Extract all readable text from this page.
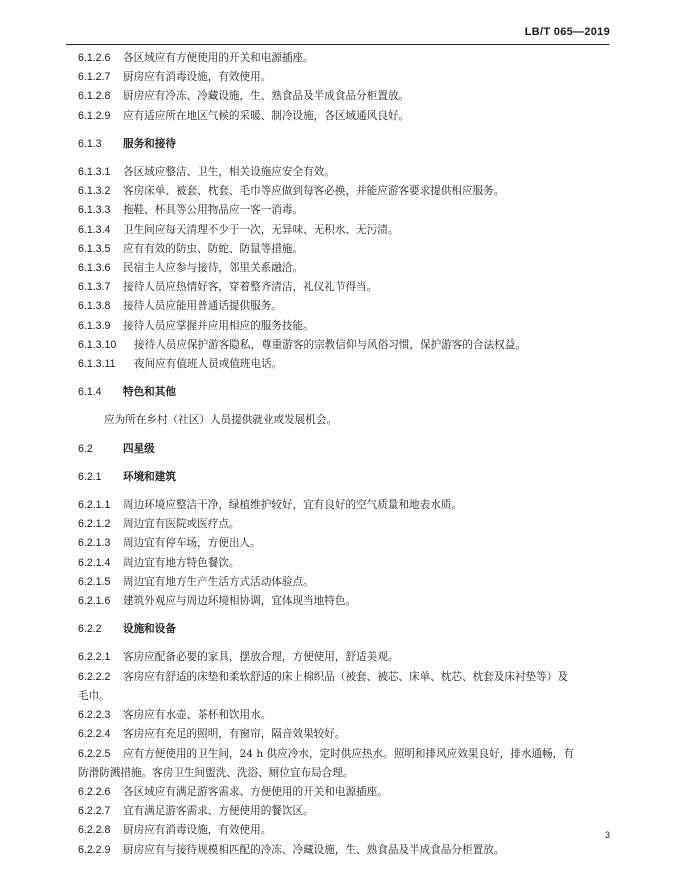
LB/T 065—2019

6.1.2.6 各区域应有方便使用的开关和电源插座。

6.1.2.7 厨房应有消毒设施，有效使用。

6.1.2.8 厨房应有冷冻、冷藏设施，生、熟食品及半成食品分柜置放。

6.1.2.9 应有适应所在地区气候的采暖、制冷设施，各区域通风良好。

6.1.3 服务和接待

6.1.3.1 各区域应整洁、卫生，相关设施应安全有效。

6.1.3.2 客房床单、被套、枕套、毛巾等应做到每客必换，并能应游客要求提供相应服务。

6.1.3.3 拖鞋、杯具等公用物品应一客一消毒。

6.1.3.4 卫生间应每天清理不少于一次，无异味、无积水、无污渍。

6.1.3.5 应有有效的防虫、防蛇、防鼠等措施。

6.1.3.6 民宿主人应参与接待，邻里关系融洽。

6.1.3.7 接待人员应热情好客，穿着整齐清洁，礼仪礼节得当。

6.1.3.8 接待人员应能用普通话提供服务。

6.1.3.9 接待人员应掌握并应用相应的服务技能。

6.1.3.10 接待人员应保护游客隐私，尊重游客的宗教信仰与风俗习惯，保护游客的合法权益。

6.1.3.11 夜间应有值班人员或值班电话。

6.1.4 特色和其他

应为所在乡村（社区）人员提供就业或发展机会。

6.2	四星级

6.2.1 环境和建筑

6.2.1.1 周边环境应整洁干净，绿植维护较好，宜有良好的空气质量和地表水质。

6.2.1.2 周边宜有医院或医疗点。

6.2.1.3 周边宜有停车场，方便出人。

6.2.1.4 周边宜有地方特色餐饮。

6.2.1.5 周边宜有地方生产生活方式活动体验点。

6.2.1.6 建筑外观应与周边环境相协调，宜体现当地特色。

6.2.2 设施和设备

6.2.2.1 客房应配备必要的家具，摆放合理，方便使用，舒适美观。

6.2.2.2 客房应有舒适的床垫和柔软舒适的床上棉织品（被套、被芯、床单、枕芯、枕套及床衬垫等）及

毛巾。

6.2.2.3 客房应有水壶、茶杯和饮用水。

6.2.2.4 客房应有充足的照明，有窗帘，隔音效果较好。

6.2.2.5 应有方便使用的卫生间，24 h 供应冷水，定时供应热水。照明和排风应效果良好，排水通畅，有

防滑防溅措施。客房卫生间盥洗、洗浴、厕位宜布局合理。

6.2.2.6 各区域应有满足游客需求、方便使用的开关和电源插座。

6.2.2.7 宜有满足游客需求、方便使用的餐饮区。

6.2.2.8 厨房应有消毒设施，有效使用。

6.2.2.9 厨房应有与接待规模相匹配的冷冻、冷藏设施，生、熟食品及半成食品分柜置放。

3
